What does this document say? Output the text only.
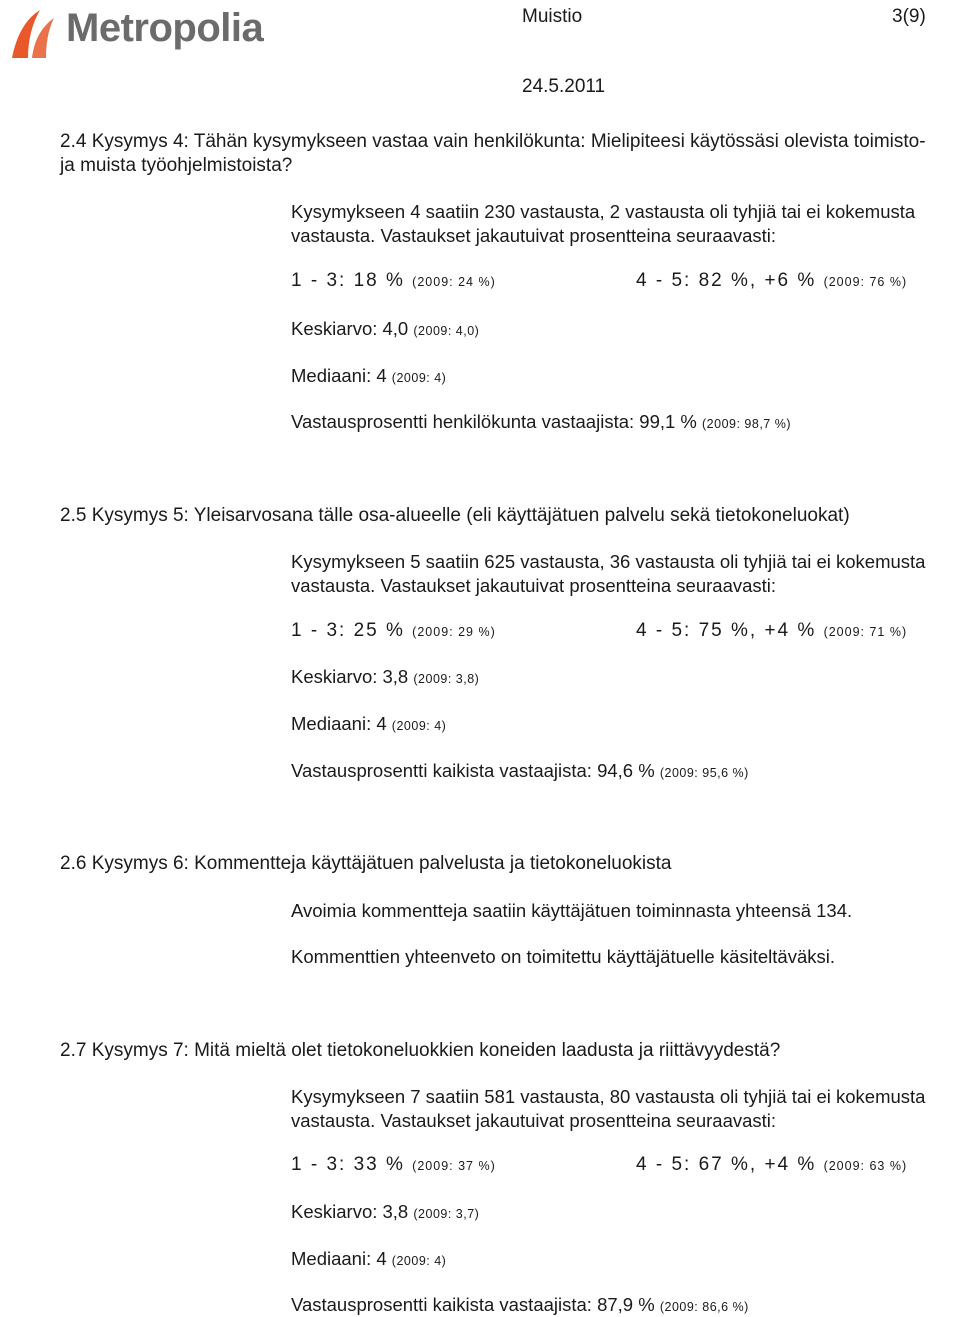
Metropolia	Muistio	3(9)
24.5.2011
2.4 Kysymys 4: Tähän kysymykseen vastaa vain henkilökunta: Mielipiteesi käytössäsi olevista toimisto-
ja muista työohjelmistoista?
Kysymykseen 4 saatiin 230 vastausta, 2 vastausta oli tyhjiä tai ei kokemusta
vastausta. Vastaukset jakautuivat prosentteina seuraavasti:
1 - 3: 18 % (2009: 24 %)	4 - 5: 82 %, +6 % (2009: 76 %)
Keskiarvo: 4,0 (2009: 4,0)
Mediaani: 4 (2009: 4)
Vastausprosentti henkilökunta vastaajista: 99,1 % (2009: 98,7 %)
2.5 Kysymys 5: Yleisarvosana tälle osa-alueelle (eli käyttäjätuen palvelu sekä tietokoneluokat)
Kysymykseen 5 saatiin 625 vastausta, 36 vastausta oli tyhjiä tai ei kokemusta
vastausta. Vastaukset jakautuivat prosentteina seuraavasti:
1 - 3: 25 % (2009: 29 %)	4 - 5: 75 %, +4 % (2009: 71 %)
Keskiarvo: 3,8 (2009: 3,8)
Mediaani: 4 (2009: 4)
Vastausprosentti kaikista vastaajista: 94,6 % (2009: 95,6 %)
2.6 Kysymys 6: Kommentteja käyttäjätuen palvelusta ja tietokoneluokista
Avoimia kommentteja saatiin käyttäjätuen toiminnasta yhteensä 134.
Kommenttien yhteenveto on toimitettu käyttäjätuelle käsiteltäväksi.
2.7 Kysymys 7: Mitä mieltä olet tietokoneluokkien koneiden laadusta ja riittävyydestä?
Kysymykseen 7 saatiin 581 vastausta, 80 vastausta oli tyhjiä tai ei kokemusta
vastausta. Vastaukset jakautuivat prosentteina seuraavasti:
1 - 3: 33 % (2009: 37 %)	4 - 5: 67 %, +4 % (2009: 63 %)
Keskiarvo: 3,8 (2009: 3,7)
Mediaani: 4 (2009: 4)
Vastausprosentti kaikista vastaajista: 87,9 % (2009: 86,6 %)
